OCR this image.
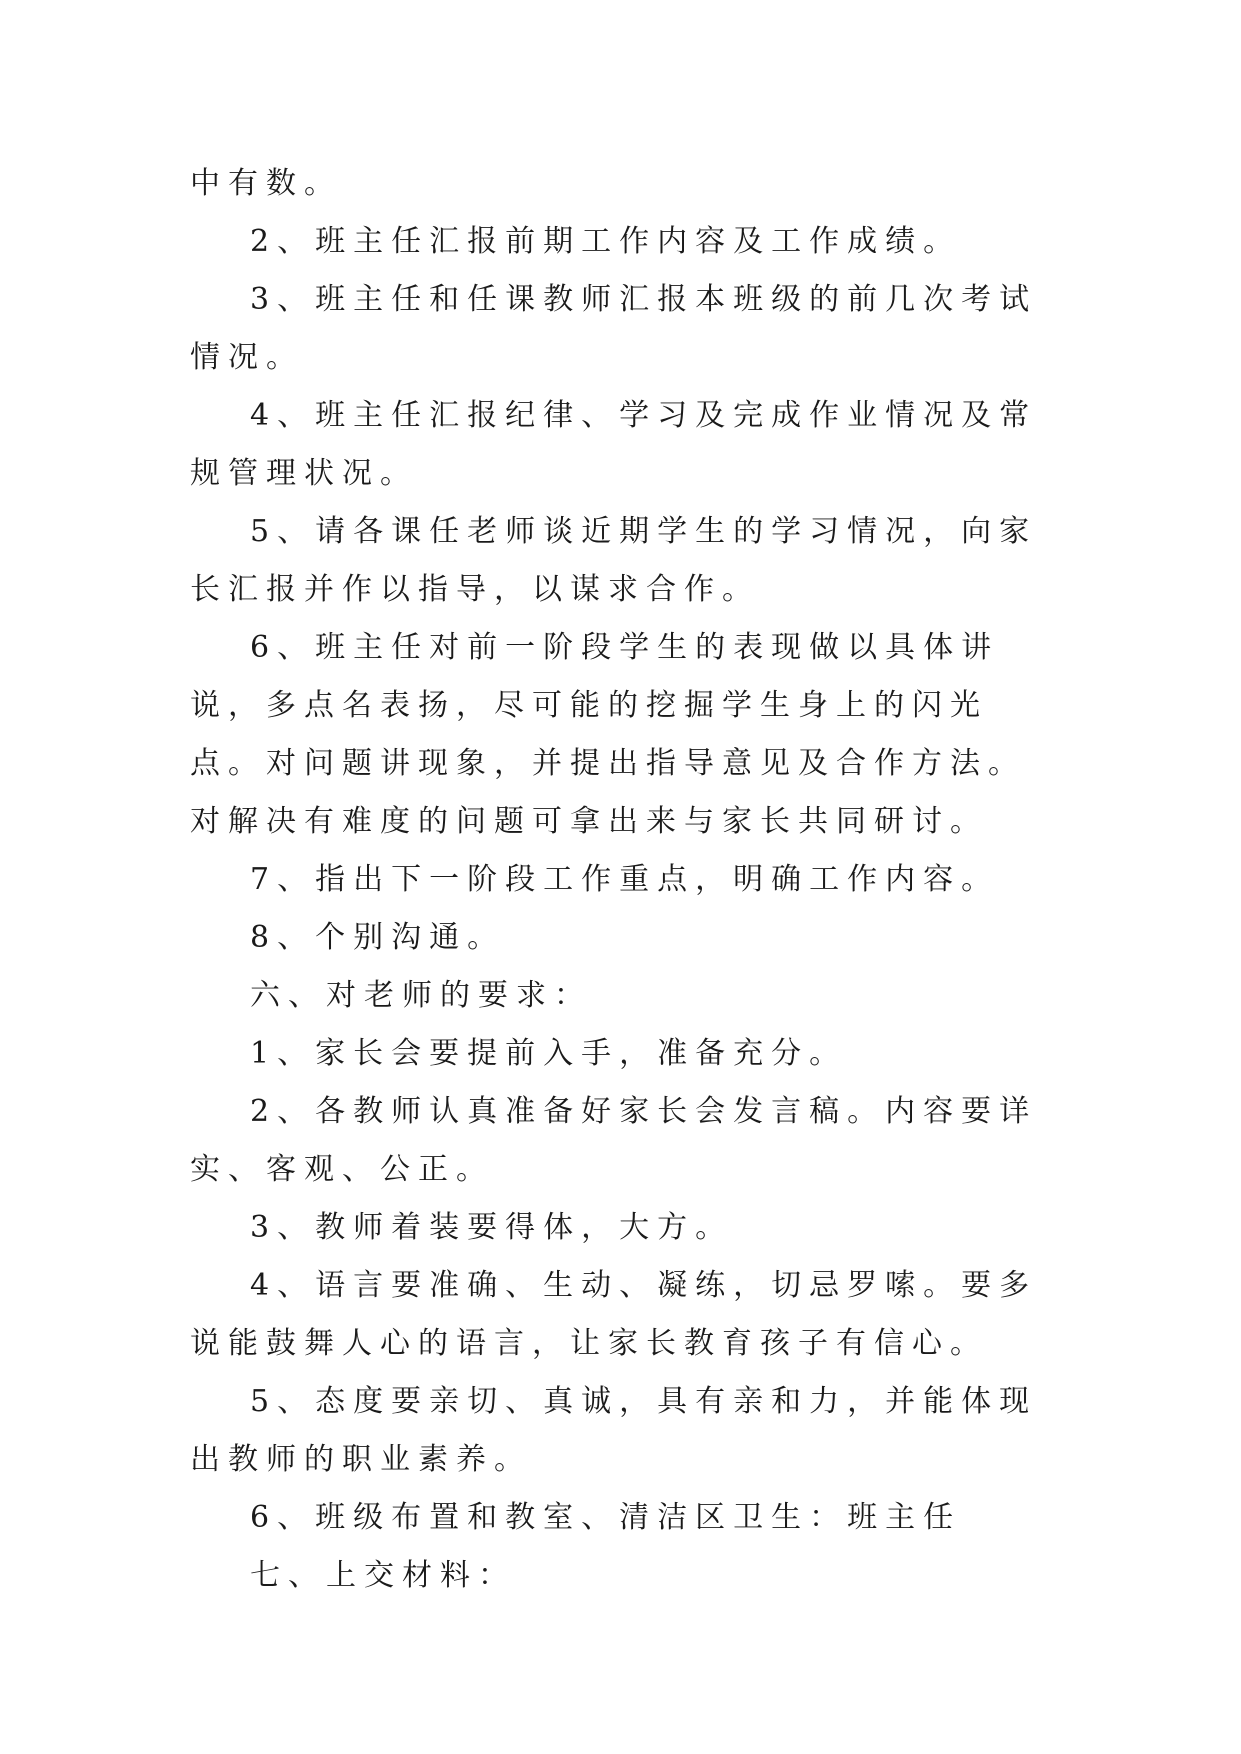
中有数。

2、班主任汇报前期工作内容及工作成绩。

3、班主任和任课教师汇报本班级的前几次考试情况。

4、班主任汇报纪律、学习及完成作业情况及常规管理状况。

5、请各课任老师谈近期学生的学习情况，向家长汇报并作以指导，以谋求合作。

6、班主任对前一阶段学生的表现做以具体讲说，多点名表扬，尽可能的挖掘学生身上的闪光点。对问题讲现象，并提出指导意见及合作方法。对解决有难度的问题可拿出来与家长共同研讨。

7、指出下一阶段工作重点，明确工作内容。

8、个别沟通。

六、对老师的要求：

1、家长会要提前入手，准备充分。

2、各教师认真准备好家长会发言稿。内容要详实、客观、公正。

3、教师着装要得体，大方。

4、语言要准确、生动、凝练，切忌罗嗦。要多说能鼓舞人心的语言，让家长教育孩子有信心。

5、态度要亲切、真诚，具有亲和力，并能体现出教师的职业素养。

6、班级布置和教室、清洁区卫生：班主任

七、上交材料：
